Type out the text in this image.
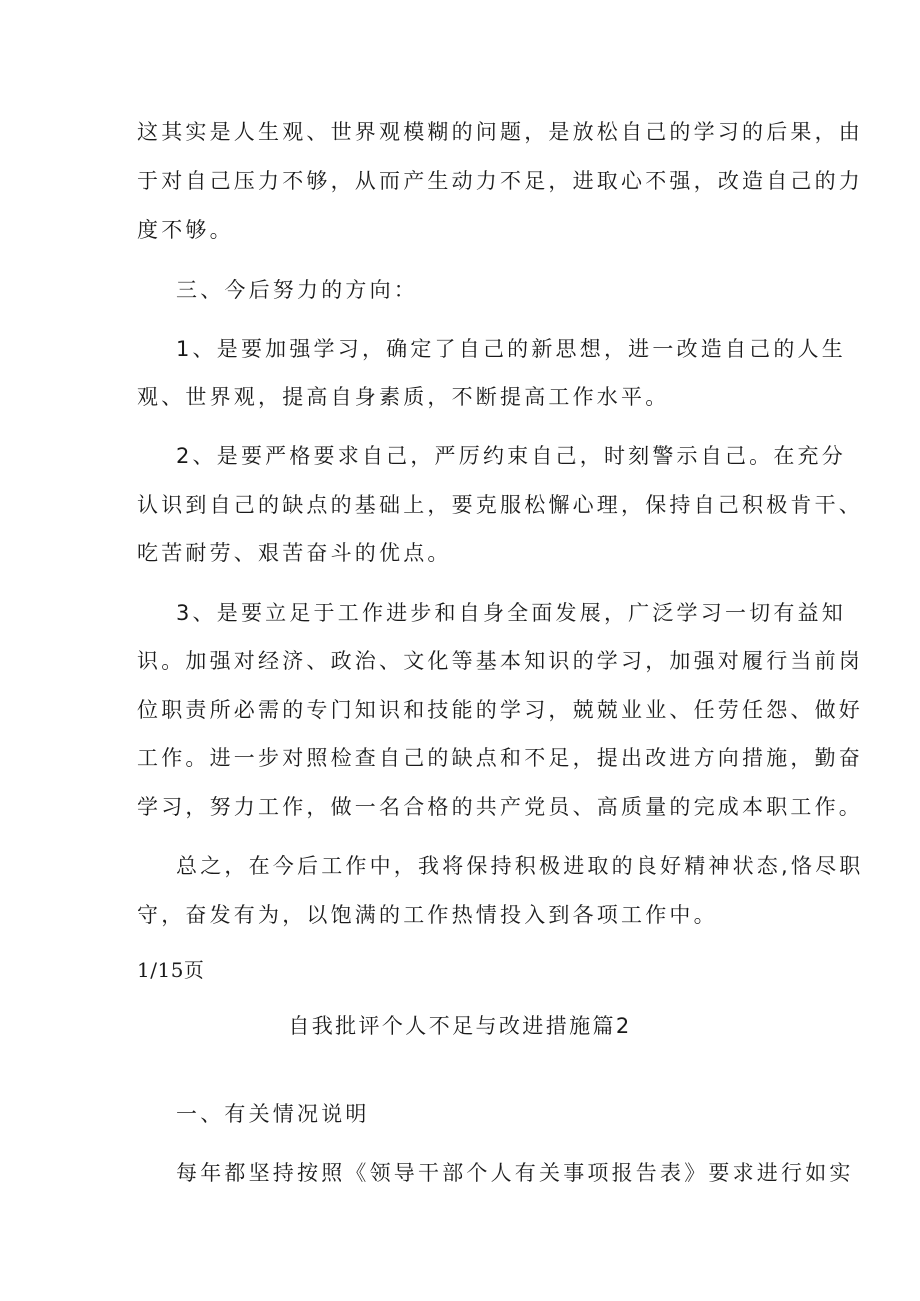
这其实是人生观、世界观模糊的问题，是放松自己的学习的后果，由
于对自己压力不够，从而产生动力不足，进取心不强，改造自己的力
度不够。
三、今后努力的方向：
1、是要加强学习，确定了自己的新思想，进一改造自己的人生
观、世界观，提高自身素质，不断提高工作水平。
2、是要严格要求自己，严厉约束自己，时刻警示自己。在充分
认识到自己的缺点的基础上，要克服松懈心理，保持自己积极肯干、
吃苦耐劳、艰苦奋斗的优点。
3、是要立足于工作进步和自身全面发展，广泛学习一切有益知
识。加强对经济、政治、文化等基本知识的学习，加强对履行当前岗
位职责所必需的专门知识和技能的学习，兢兢业业、任劳任怨、做好
工作。进一步对照检查自己的缺点和不足，提出改进方向措施，勤奋
学习，努力工作，做一名合格的共产党员、高质量的完成本职工作。
总之，在今后工作中，我将保持积极进取的良好精神状态,恪尽职
守，奋发有为，以饱满的工作热情投入到各项工作中。
1/15页
自我批评个人不足与改进措施篇2
一、有关情况说明
每年都坚持按照《领导干部个人有关事项报告表》要求进行如实
